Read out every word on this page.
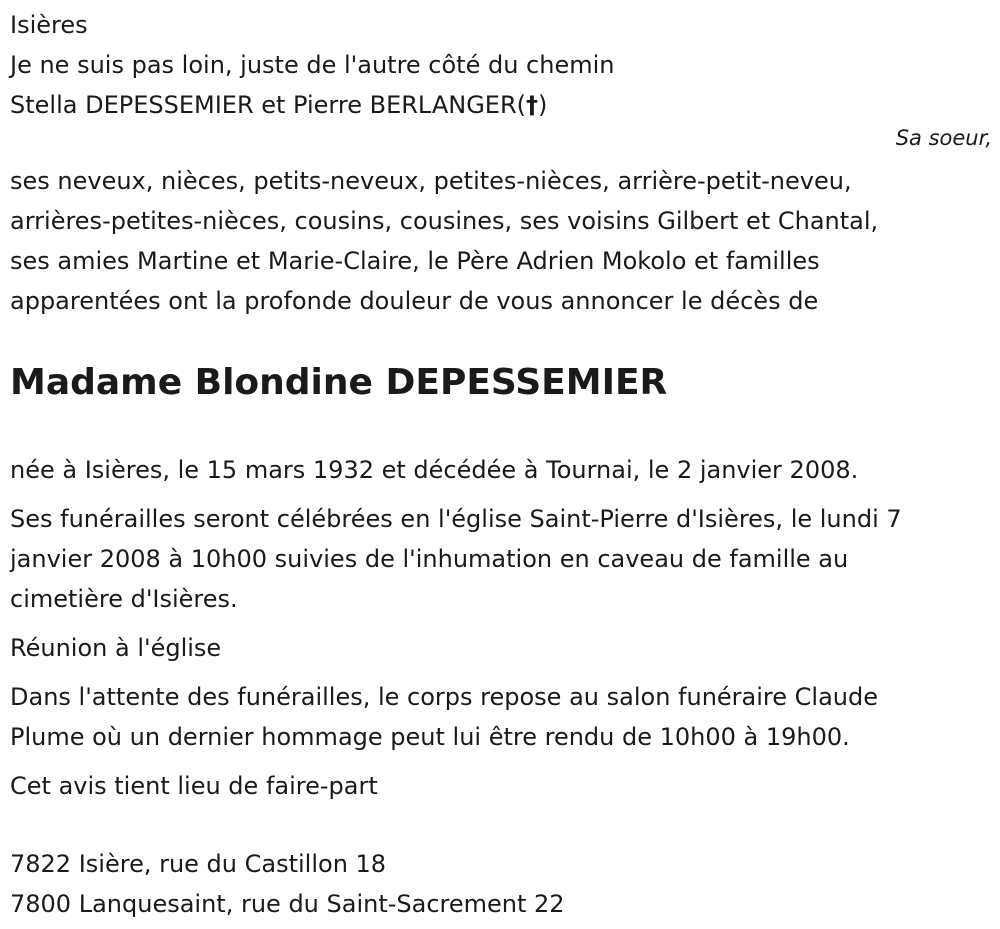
Isières
Je ne suis pas loin, juste de l'autre côté du chemin
Stella DEPESSEMIER et Pierre BERLANGER(†)
Sa soeur,
ses neveux, nièces, petits-neveux, petites-nièces, arrière-petit-neveu,
arrières-petites-nièces, cousins, cousines, ses voisins Gilbert et Chantal,
ses amies Martine et Marie-Claire, le Père Adrien Mokolo et familles
apparentées ont la profonde douleur de vous annoncer le décès de
Madame Blondine DEPESSEMIER
née à Isières, le 15 mars 1932 et décédée à Tournai, le 2 janvier 2008.
Ses funérailles seront célébrées en l'église Saint-Pierre d'Isières, le lundi 7
janvier 2008 à 10h00 suivies de l'inhumation en caveau de famille au
cimetière d'Isières.
Réunion à l'église
Dans l'attente des funérailles, le corps repose au salon funéraire Claude
Plume où un dernier hommage peut lui être rendu de 10h00 à 19h00.
Cet avis tient lieu de faire-part
7822 Isière, rue du Castillon 18
7800 Lanquesaint, rue du Saint-Sacrement 22
